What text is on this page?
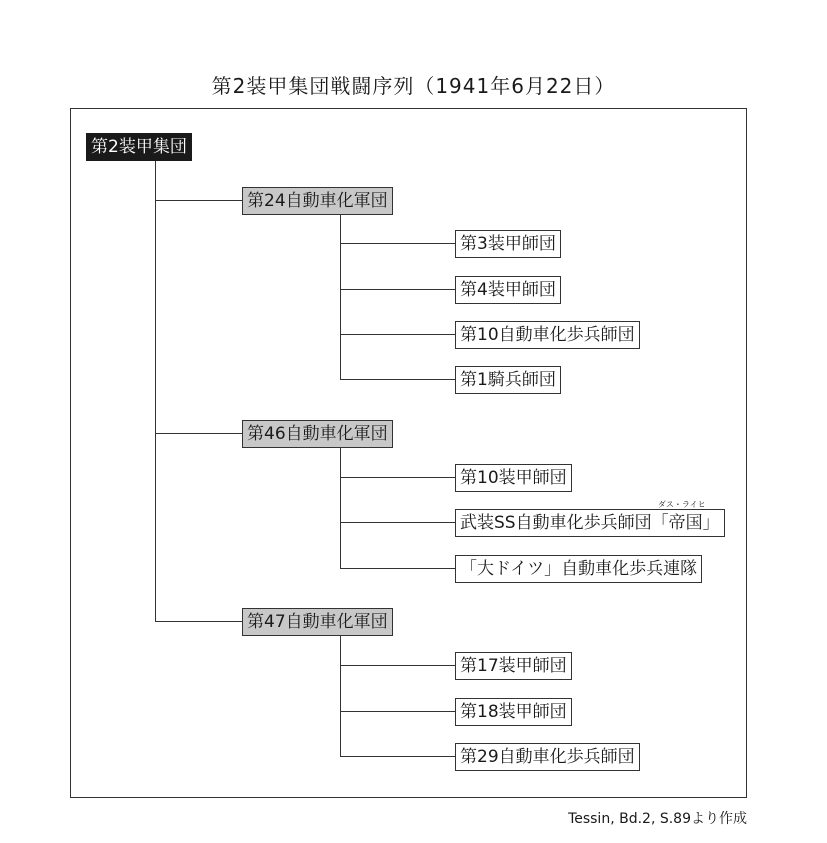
第2装甲集団戦闘序列（1941年6月22日）
第2装甲集団
第24自動車化軍団
第3装甲師団
第4装甲師団
第10自動車化歩兵師団
第1騎兵師団
第46自動車化軍団
第10装甲師団
武装SS自動車化歩兵師団「帝国」
ダス・ライヒ
「大ドイツ」自動車化歩兵連隊
第47自動車化軍団
第17装甲師団
第18装甲師団
第29自動車化歩兵師団
Tessin, Bd.2, S.89より作成
